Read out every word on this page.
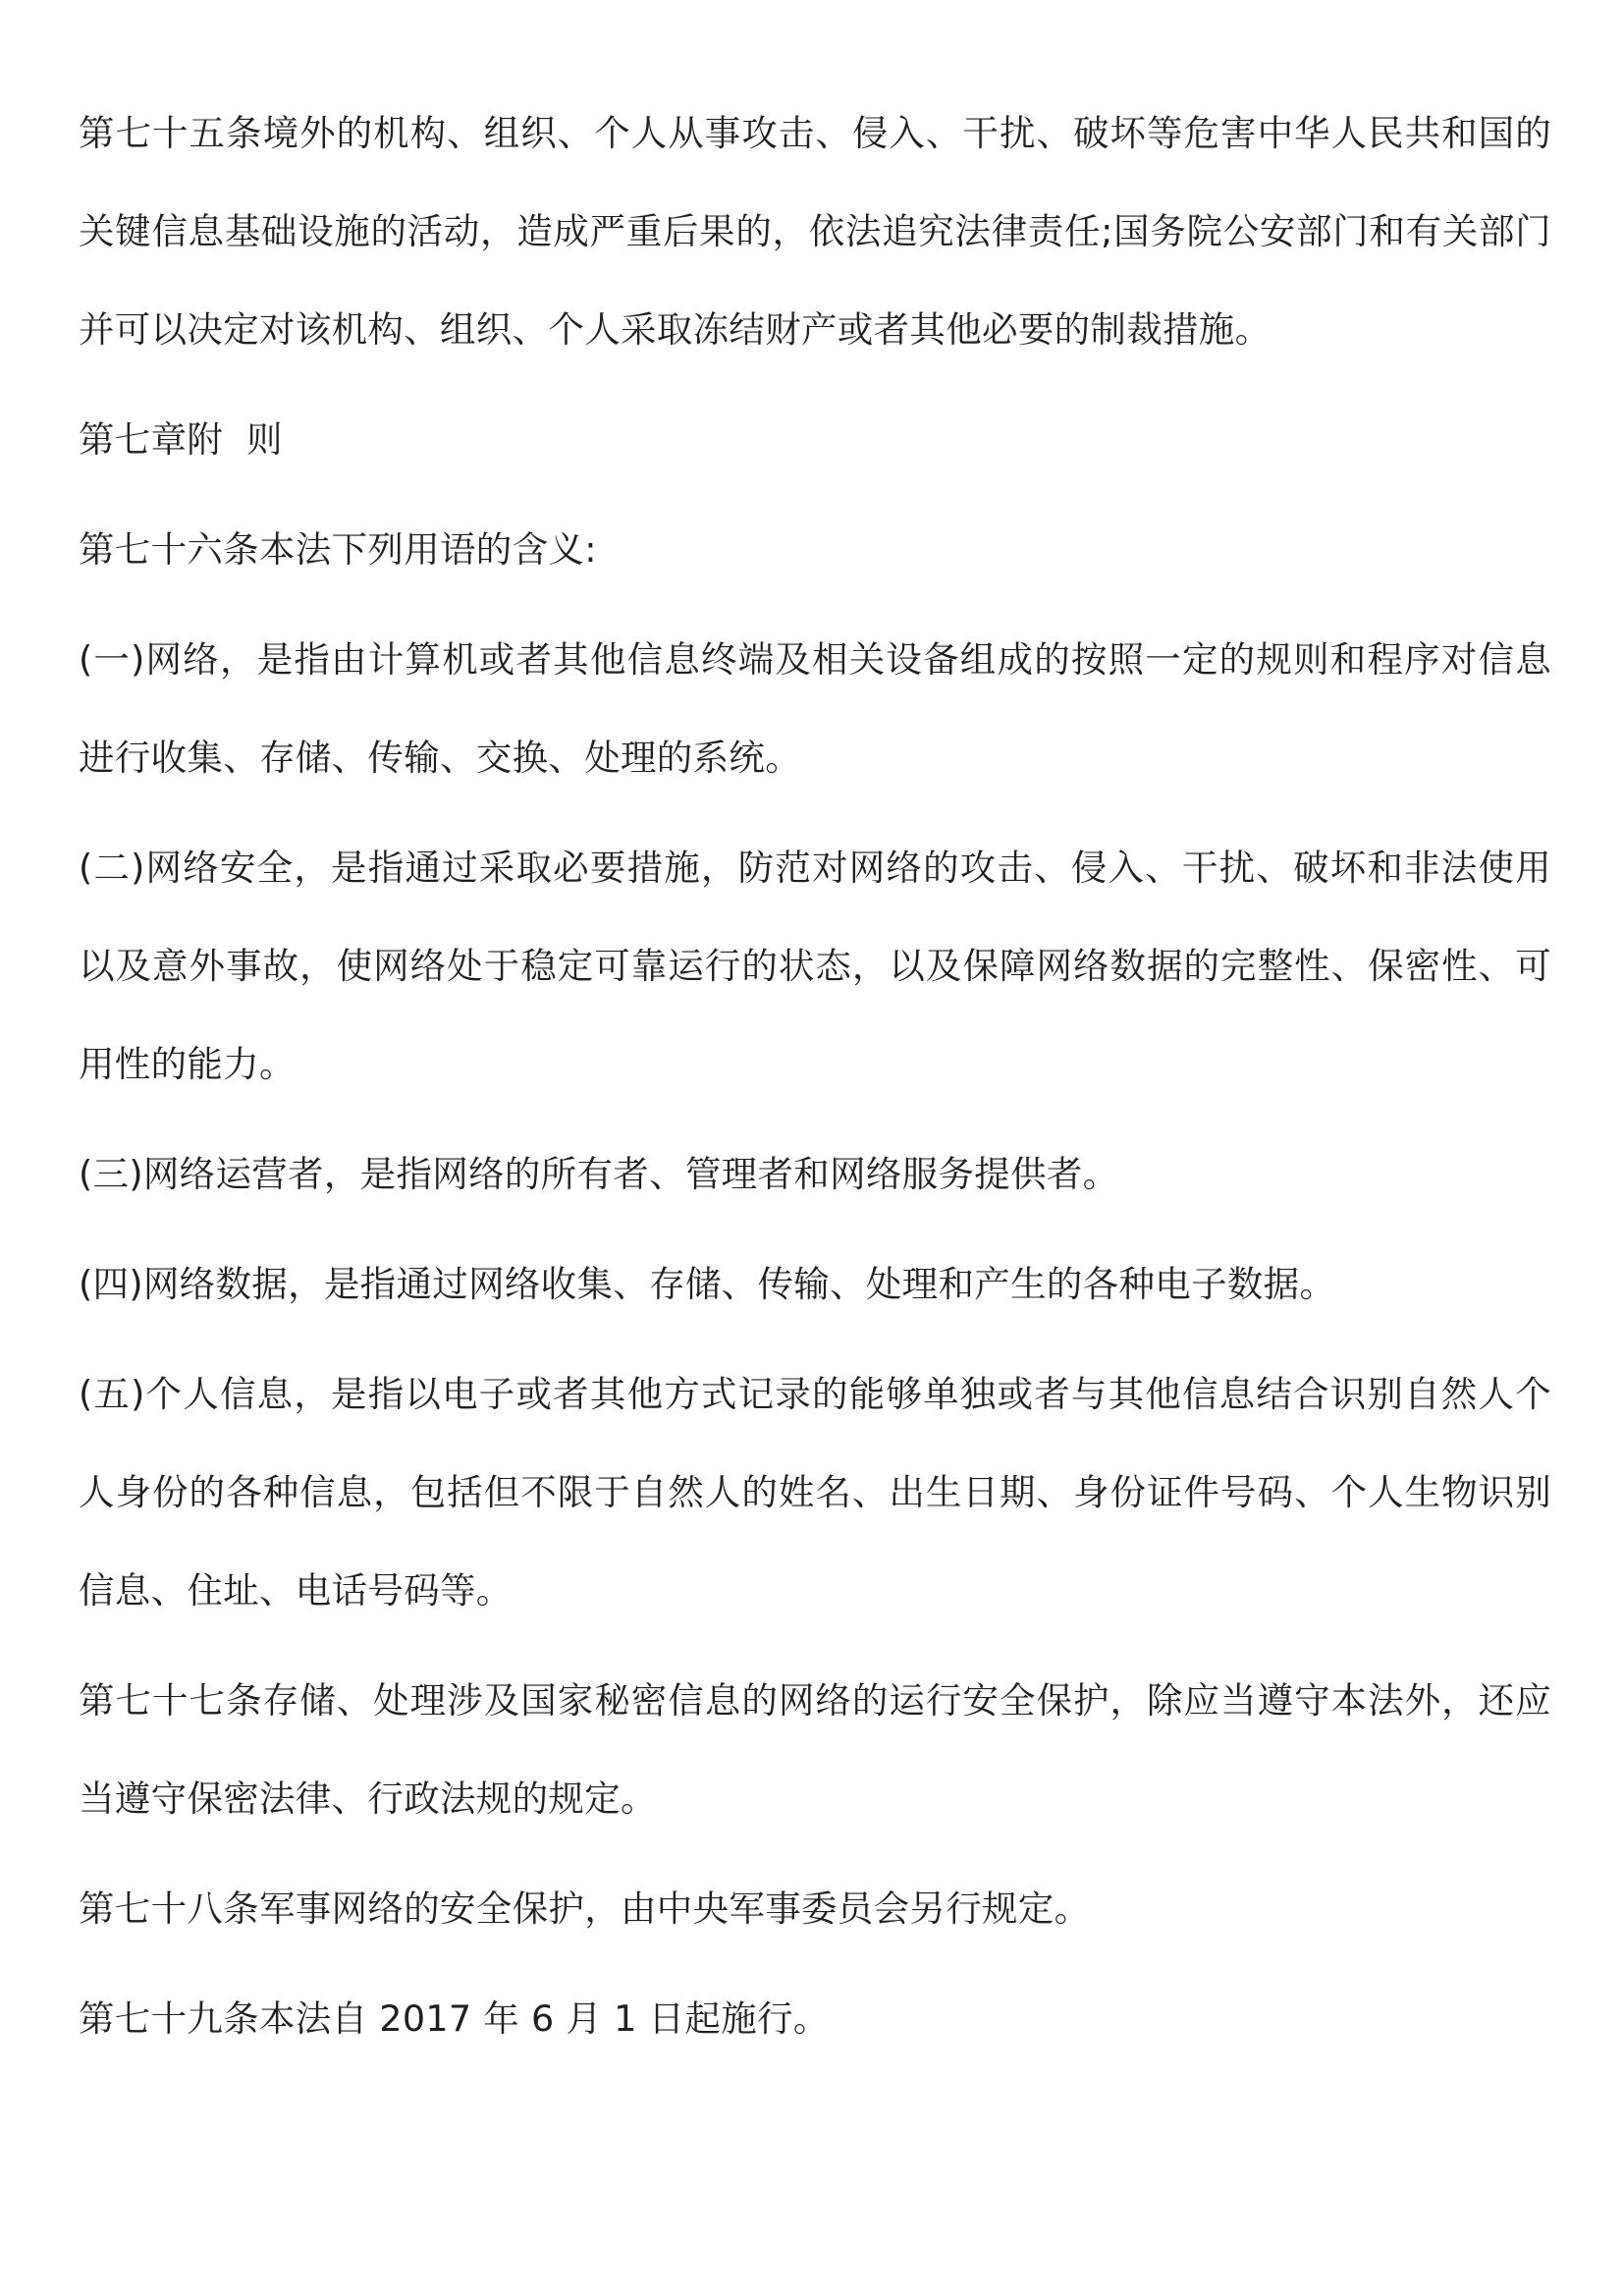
第七十五条境外的机构、组织、个人从事攻击、侵入、干扰、破坏等危害中华人民共和国的关键信息基础设施的活动，造成严重后果的，依法追究法律责任;国务院公安部门和有关部门并可以决定对该机构、组织、个人采取冻结财产或者其他必要的制裁措施。

第七章附  则

第七十六条本法下列用语的含义:

(一)网络，是指由计算机或者其他信息终端及相关设备组成的按照一定的规则和程序对信息进行收集、存储、传输、交换、处理的系统。

(二)网络安全，是指通过采取必要措施，防范对网络的攻击、侵入、干扰、破坏和非法使用以及意外事故，使网络处于稳定可靠运行的状态，以及保障网络数据的完整性、保密性、可用性的能力。

(三)网络运营者，是指网络的所有者、管理者和网络服务提供者。

(四)网络数据，是指通过网络收集、存储、传输、处理和产生的各种电子数据。

(五)个人信息，是指以电子或者其他方式记录的能够单独或者与其他信息结合识别自然人个人身份的各种信息，包括但不限于自然人的姓名、出生日期、身份证件号码、个人生物识别信息、住址、电话号码等。

第七十七条存储、处理涉及国家秘密信息的网络的运行安全保护，除应当遵守本法外，还应当遵守保密法律、行政法规的规定。

第七十八条军事网络的安全保护，由中央军事委员会另行规定。

第七十九条本法自 2017 年 6 月 1 日起施行。
